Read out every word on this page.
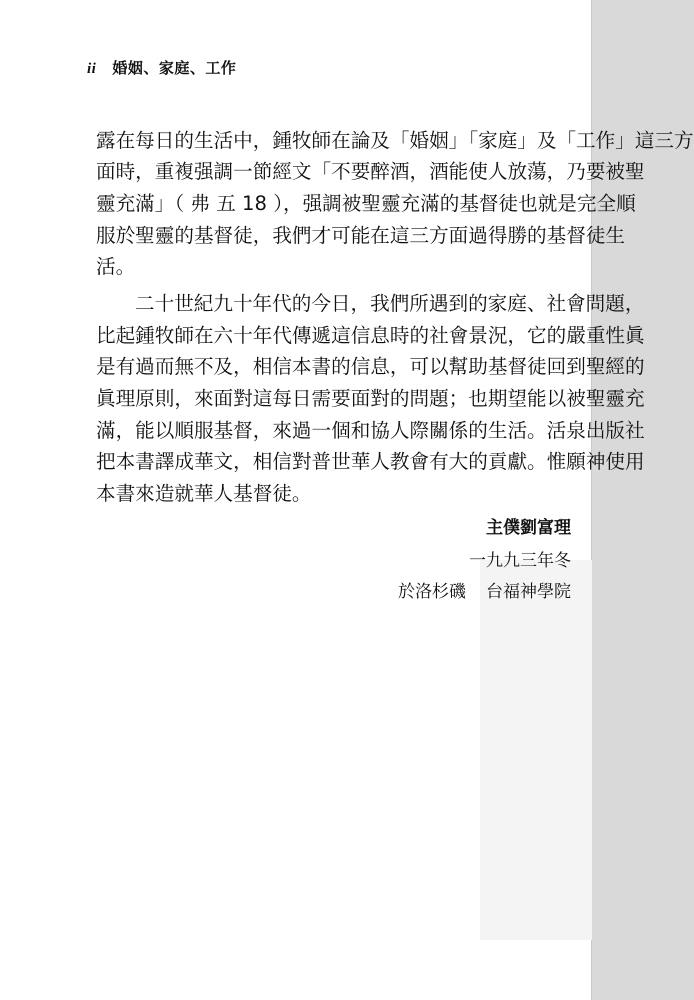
ii 婚姻、家庭、工作
露在每日的生活中，鍾牧師在論及「婚姻」「家庭」及「工作」這三方
面時，重複强調一節經文「不要醉酒，酒能使人放蕩，乃要被聖
靈充滿」（ 弗 五 18 ），强調被聖靈充滿的基督徒也就是完全順
服於聖靈的基督徒，我們才可能在這三方面過得勝的基督徒生
活。
二十世紀九十年代的今日，我們所遇到的家庭、社會問題，
比起鍾牧師在六十年代傳遞這信息時的社會景況，它的嚴重性眞
是有過而無不及，相信本書的信息，可以幫助基督徒回到聖經的
眞理原則，來面對這每日需要面對的問題；也期望能以被聖靈充
滿，能以順服基督，來過一個和協人際關係的生活。活泉出版社
把本書譯成華文，相信對普世華人教會有大的貢獻。惟願神使用
本書來造就華人基督徒。
主僕劉富理
一九九三年冬
於洛杉磯 台福神學院
